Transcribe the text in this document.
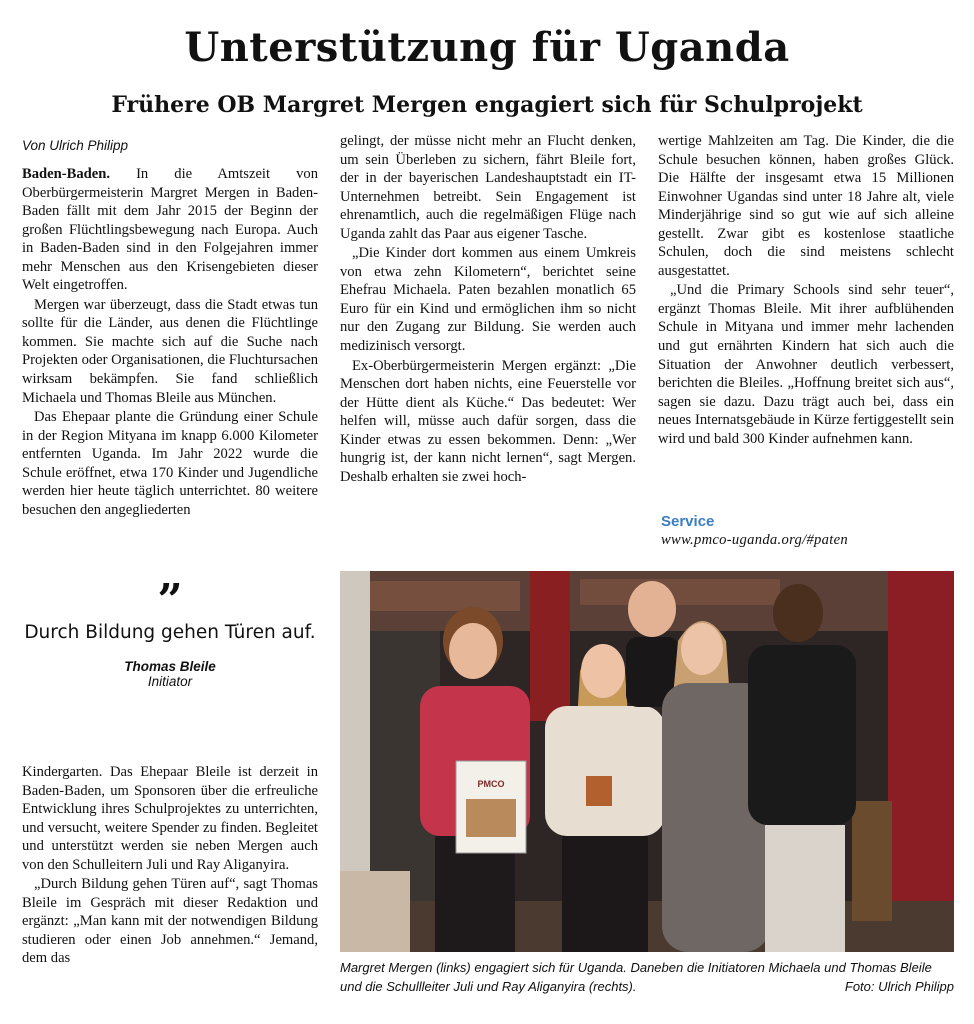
Unterstützung für Uganda
Frühere OB Margret Mergen engagiert sich für Schulprojekt
Von Ulrich Philipp

Baden-Baden. In die Amtszeit von Oberbürgermeisterin Margret Mergen in Baden-Baden fällt mit dem Jahr 2015 der Beginn der großen Flüchtlingsbewegung nach Europa. Auch in Baden-Baden sind in den Folgejahren immer mehr Menschen aus den Krisengebieten dieser Welt eingetroffen.

Mergen war überzeugt, dass die Stadt etwas tun sollte für die Länder, aus denen die Flüchtlinge kommen. Sie machte sich auf die Suche nach Projekten oder Organisationen, die Fluchtursachen wirksam bekämpfen. Sie fand schließlich Michaela und Thomas Bleile aus München.

Das Ehepaar plante die Gründung einer Schule in der Region Mityana im knapp 6.000 Kilometer entfernten Uganda. Im Jahr 2022 wurde die Schule eröffnet, etwa 170 Kinder und Jugendliche werden hier heute täglich unterrichtet. 80 weitere besuchen den angegliederten

”
Durch Bildung gehen Türen auf.
Thomas Bleile
Initiator

Kindergarten. Das Ehepaar Bleile ist derzeit in Baden-Baden, um Sponsoren über die erfreuliche Entwicklung ihres Schulprojektes zu unterrichten, und versucht, weitere Spender zu finden. Begleitet und unterstützt werden sie neben Mergen auch von den Schulleitern Juli und Ray Aliganyira.

„Durch Bildung gehen Türen auf“, sagt Thomas Bleile im Gespräch mit dieser Redaktion und ergänzt: „Man kann mit der notwendigen Bildung studieren oder einen Job annehmen.“ Jemand, dem das

gelingt, der müsse nicht mehr an Flucht denken, um sein Überleben zu sichern, fährt Bleile fort, der in der bayerischen Landeshauptstadt ein IT-Unternehmen betreibt. Sein Engagement ist ehrenamtlich, auch die regelmäßigen Flüge nach Uganda zahlt das Paar aus eigener Tasche.

„Die Kinder dort kommen aus einem Umkreis von etwa zehn Kilometern“, berichtet seine Ehefrau Michaela. Paten bezahlen monatlich 65 Euro für ein Kind und ermöglichen ihm so nicht nur den Zugang zur Bildung. Sie werden auch medizinisch versorgt.

Ex-Oberbürgermeisterin Mergen ergänzt: „Die Menschen dort haben nichts, eine Feuerstelle vor der Hütte dient als Küche.“ Das bedeutet: Wer helfen will, müsse auch dafür sorgen, dass die Kinder etwas zu essen bekommen. Denn: „Wer hungrig ist, der kann nicht lernen“, sagt Mergen. Deshalb erhalten sie zwei hoch-

wertige Mahlzeiten am Tag. Die Kinder, die die Schule besuchen können, haben großes Glück. Die Hälfte der insgesamt etwa 15 Millionen Einwohner Ugandas sind unter 18 Jahre alt, viele Minderjährige sind so gut wie auf sich alleine gestellt. Zwar gibt es kostenlose staatliche Schulen, doch die sind meistens schlecht ausgestattet.

„Und die Primary Schools sind sehr teuer“, ergänzt Thomas Bleile. Mit ihrer aufblühenden Schule in Mityana und immer mehr lachenden und gut ernährten Kindern hat sich auch die Situation der Anwohner deutlich verbessert, berichten die Bleiles. „Hoffnung breitet sich aus“, sagen sie dazu. Dazu trägt auch bei, dass ein neues Internatsgebäude in Kürze fertiggestellt sein wird und bald 300 Kinder aufnehmen kann.

Service
www.pmco-uganda.org/#paten
PMCO
Margret Mergen (links) engagiert sich für Uganda. Daneben die Initiatoren Michaela und Thomas Bleile und die Schullleiter Juli und Ray Aliganyira (rechts).	Foto: Ulrich Philipp
